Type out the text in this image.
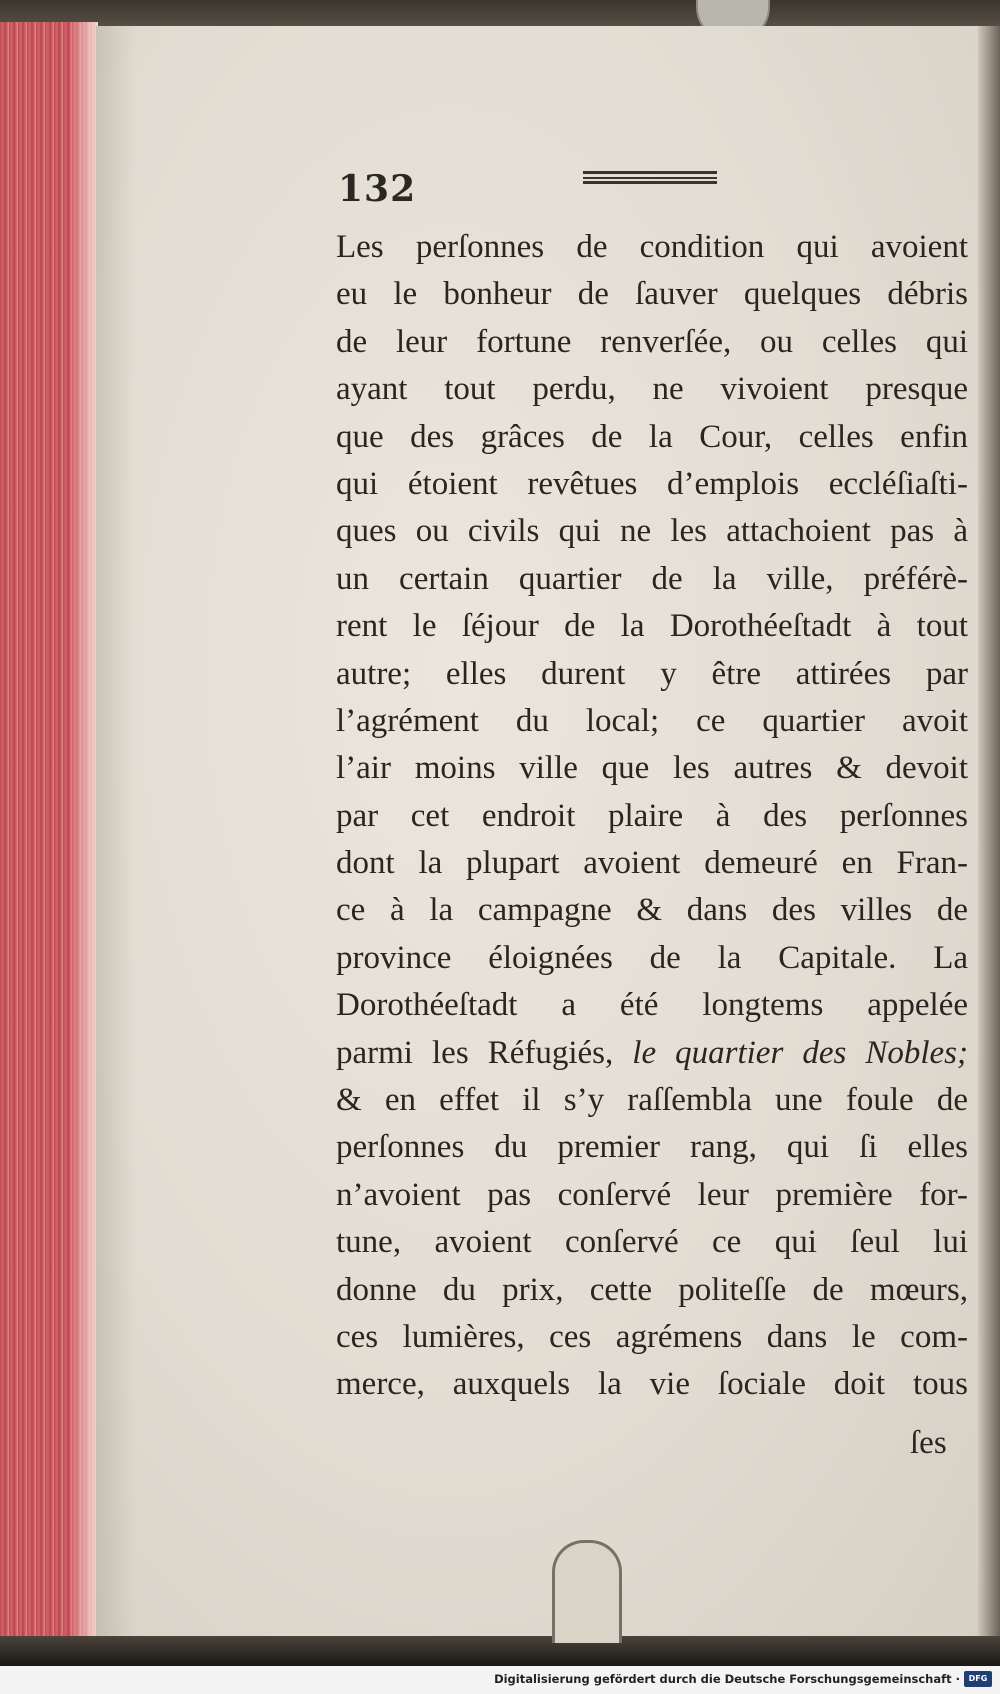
132
Les perſonnes de condition qui avoient
eu le bonheur de ſauver quelques débris
de leur fortune renverſée, ou celles qui
ayant tout perdu, ne vivoient presque
que des grâces de la Cour, celles enfin
qui étoient revêtues d’emplois eccléſiaſti-
ques ou civils qui ne les attachoient pas à
un certain quartier de la ville, préférè-
rent le ſéjour de la Dorothéeſtadt à tout
autre; elles durent y être attirées par
l’agrément du local; ce quartier avoit
l’air moins ville que les autres & devoit
par cet endroit plaire à des perſonnes
dont la plupart avoient demeuré en Fran-
ce à la campagne & dans des villes de
province éloignées de la Capitale. La
Dorothéeſtadt a été longtems appelée
parmi les Réfugiés, le quartier des Nobles;
& en effet il s’y raſſembla une foule de
perſonnes du premier rang, qui ſi elles
n’avoient pas conſervé leur première for-
tune, avoient conſervé ce qui ſeul lui
donne du prix, cette politeſſe de mœurs,
ces lumières, ces agrémens dans le com-
merce, auxquels la vie ſociale doit tous
ſes
Digitalisierung gefördert durch die Deutsche Forschungsgemeinschaft ·	DFG
